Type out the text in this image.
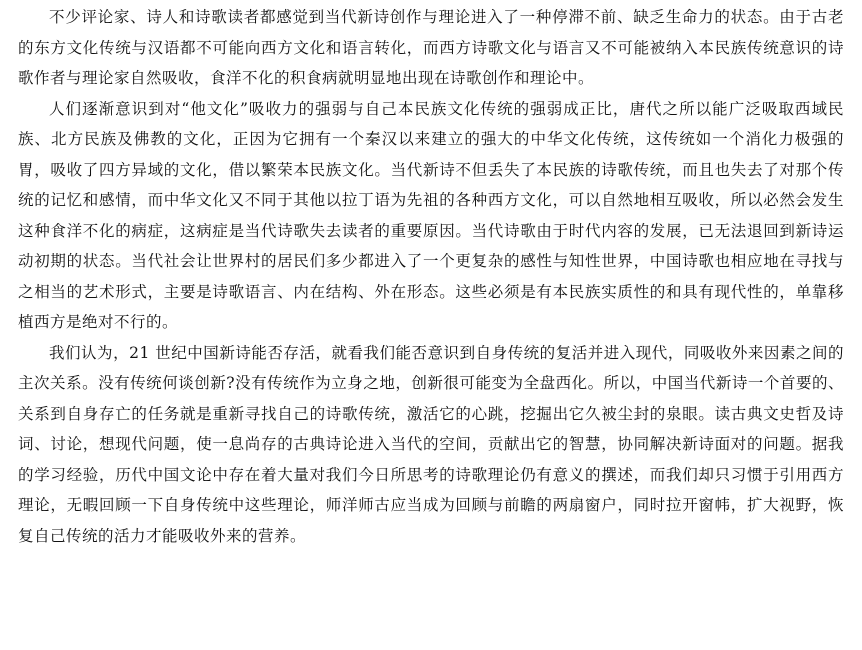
不少评论家、诗人和诗歌读者都感觉到当代新诗创作与理论进入了一种停滞不前、缺乏生命力的状态。由于古老的东方文化传统与汉语都不可能向西方文化和语言转化，而西方诗歌文化与语言又不可能被纳入本民族传统意识的诗歌作者与理论家自然吸收，食洋不化的积食病就明显地出现在诗歌创作和理论中。

人们逐渐意识到对“他文化”吸收力的强弱与自己本民族文化传统的强弱成正比，唐代之所以能广泛吸取西域民族、北方民族及佛教的文化，正因为它拥有一个秦汉以来建立的强大的中华文化传统，这传统如一个消化力极强的胃，吸收了四方异域的文化，借以繁荣本民族文化。当代新诗不但丢失了本民族的诗歌传统，而且也失去了对那个传统的记忆和感情，而中华文化又不同于其他以拉丁语为先祖的各种西方文化，可以自然地相互吸收，所以必然会发生这种食洋不化的病症，这病症是当代诗歌失去读者的重要原因。当代诗歌由于时代内容的发展，已无法退回到新诗运动初期的状态。当代社会让世界村的居民们多少都进入了一个更复杂的感性与知性世界，中国诗歌也相应地在寻找与之相当的艺术形式，主要是诗歌语言、内在结构、外在形态。这些必须是有本民族实质性的和具有现代性的，单靠移植西方是绝对不行的。

我们认为，21 世纪中国新诗能否存活，就看我们能否意识到自身传统的复活并进入现代，同吸收外来因素之间的主次关系。没有传统何谈创新?没有传统作为立身之地，创新很可能变为全盘西化。所以，中国当代新诗一个首要的、关系到自身存亡的任务就是重新寻找自己的诗歌传统，激活它的心跳，挖掘出它久被尘封的泉眼。读古典文史哲及诗词、讨论，想现代问题，使一息尚存的古典诗论进入当代的空间，贡献出它的智慧，协同解决新诗面对的问题。据我的学习经验，历代中国文论中存在着大量对我们今日所思考的诗歌理论仍有意义的撰述，而我们却只习惯于引用西方理论，无暇回顾一下自身传统中这些理论，师洋师古应当成为回顾与前瞻的两扇窗户，同时拉开窗帏，扩大视野，恢复自己传统的活力才能吸收外来的营养。
